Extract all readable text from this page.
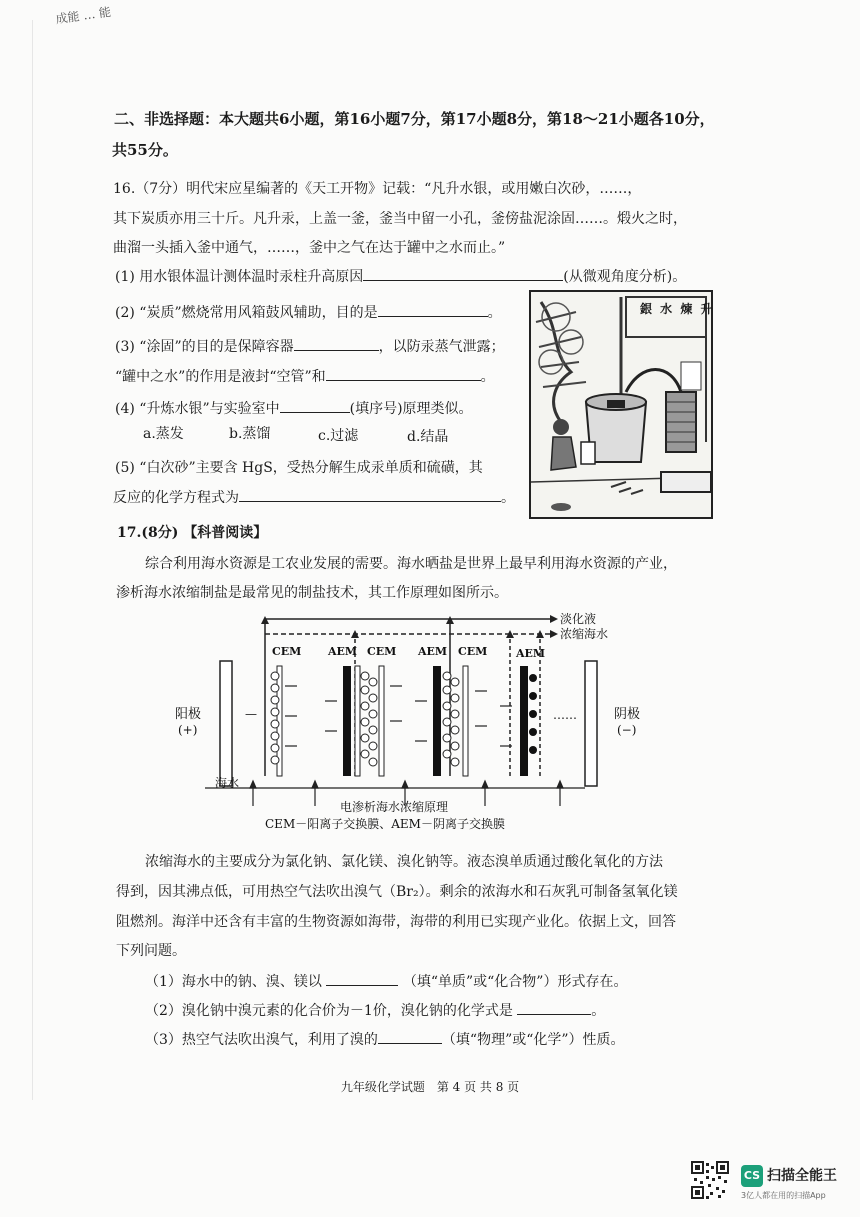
成能 … 能
二、非选择题：本大题共6小题，第16小题7分，第17小题8分，第18～21小题各10分，
共55分。
16.（7分）明代宋应星编著的《天工开物》记载：“凡升水银，或用嫩白次砂，……，
其下炭质亦用三十斤。凡升汞，上盖一釜，釜当中留一小孔，釜傍盐泥涂固……。煅火之时，
曲溜一头插入釜中通气，……，釜中之气在达于罐中之水而止。”
(1) 用水银体温计测体温时汞柱升高原因	(从微观角度分析)。
(2) “炭质”燃烧常用风箱鼓风辅助，目的是	。
(3) “涂固”的目的是保障容器	，以防汞蒸气泄露；
“罐中之水”的作用是液封“空管”和	。
(4) “升炼水银”与实验室中	(填序号)原理类似。
a.蒸发	b.蒸馏	c.过滤	d.结晶
(5) “白次砂”主要含 HgS，受热分解生成汞单质和硫磺，其
反应的化学方程式为	。
銀 水 煉 升
17.(8分) 【科普阅读】
综合利用海水资源是工农业发展的需要。海水晒盐是世界上最早利用海水资源的产业，
渗析海水浓缩制盐是最常见的制盐技术，其工作原理如图所示。
淡化液
浓缩海水
CEM AEM CEM AEM CEM	AEM
阳极
(+)
—	……	阴极
(−)
海水
电渗析海水浓缩原理
CEM－阳离子交换膜、AEM－阴离子交换膜
浓缩海水的主要成分为氯化钠、氯化镁、溴化钠等。液态溴单质通过酸化氧化的方法
得到，因其沸点低，可用热空气法吹出溴气（Br₂）。剩余的浓海水和石灰乳可制备氢氧化镁
阻燃剂。海洋中还含有丰富的生物资源如海带，海带的利用已实现产业化。依据上文，回答
下列问题。
（1）海水中的钠、溴、镁以	（填“单质”或“化合物”）形式存在。
（2）溴化钠中溴元素的化合价为－1价，溴化钠的化学式是	。
（3）热空气法吹出溴气，利用了溴的	（填“物理”或“化学”）性质。
九年级化学试题　第 4 页 共 8 页
CS 扫描全能王
3亿人都在用的扫描App
